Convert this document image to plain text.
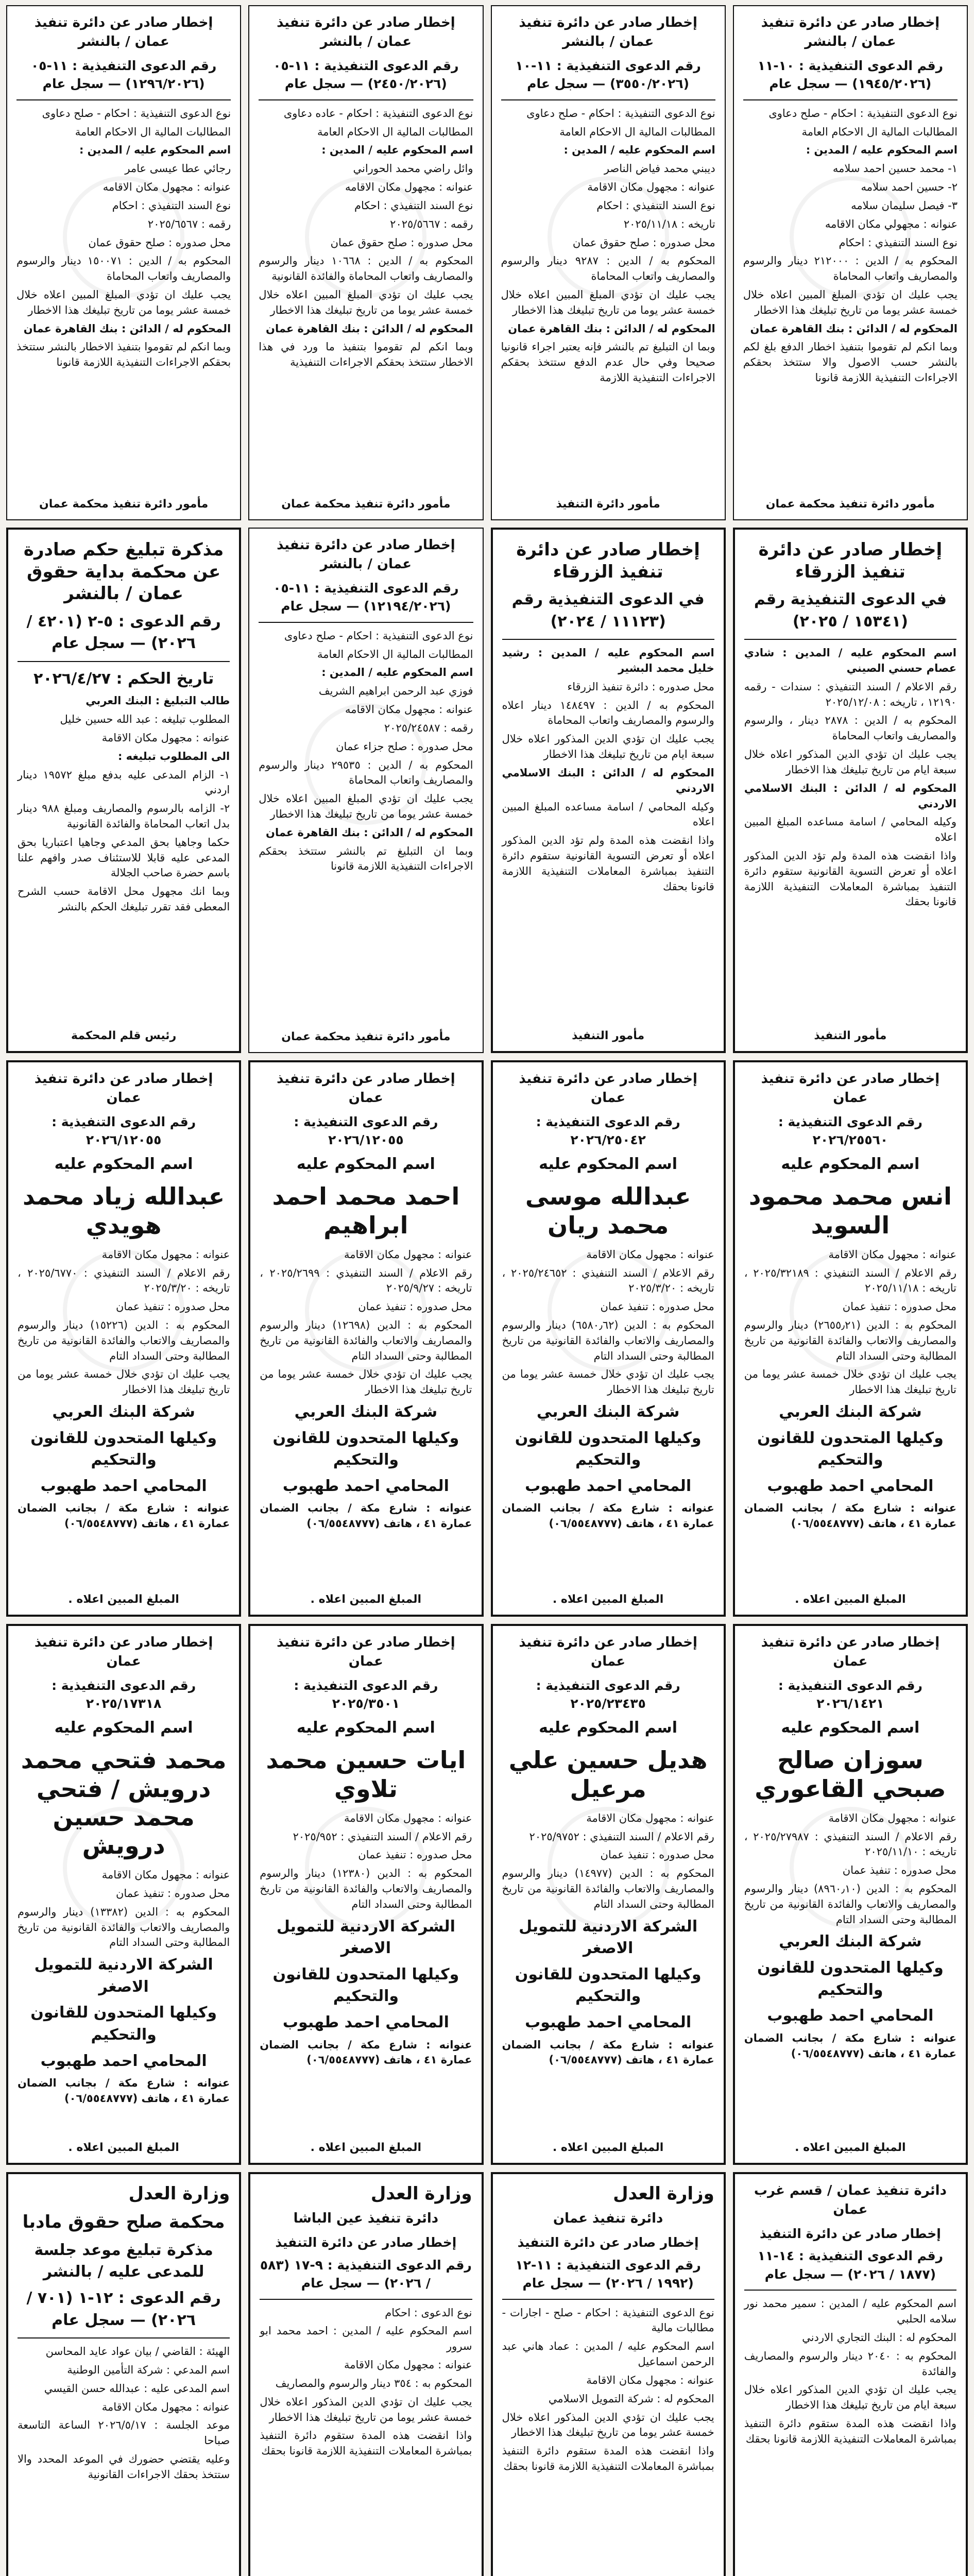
إخطار صادر عن دائرة تنفيذ عمان / بالنشر
رقم الدعوى التنفيذية : ١٠-١١ (١٩٤٥/٢٠٢٦) — سجل عام

نوع الدعوى التنفيذية : احكام - صلح دعاوى

المطالبات المالية ال الاحكام العامة

اسم المحكوم عليه / المدين :

١- محمد حسين احمد سلامه

٢- حسين احمد سلامه

٣- فيصل سليمان سلامه

عنوانه : مجهولي مكان الاقامه

نوع السند التنفيذي : احكام

المحكوم به / الدين : ٢١٢٠٠٠ دينار والرسوم والمصاريف واتعاب المحاماة

يجب عليك ان تؤدي المبلغ المبين اعلاه خلال خمسة عشر يوما من تاريخ تبليغك هذا الاخطار

المحكوم له / الدائن : بنك القاهرة عمان

وبما انكم لم تقوموا بتنفيذ اخطار الدفع بلغ لكم بالنشر حسب الاصول والا ستتخذ بحقكم الاجراءات التنفيذية اللازمة قانونا

مأمور دائرة تنفيذ محكمة عمان
إخطار صادر عن دائرة تنفيذ عمان / بالنشر
رقم الدعوى التنفيذية : ١١-١٠ (٣٥٥٠/٢٠٢٦) — سجل عام

نوع الدعوى التنفيذية : احكام - صلح دعاوى

المطالبات المالية ال الاحكام العامة

اسم المحكوم عليه / المدين :

ديبني محمد فياض الناصر

عنوانه : مجهول مكان الاقامة

نوع السند التنفيذي : احكام

تاريخه : ٢٠٢٥/١١/١٨

محل صدوره : صلح حقوق عمان

المحكوم به / الدين : ٩٢٨٧ دينار والرسوم والمصاريف واتعاب المحاماة

يجب عليك ان تؤدي المبلغ المبين اعلاه خلال خمسة عشر يوما من تاريخ تبليغك هذا الاخطار

المحكوم له / الدائن : بنك القاهرة عمان

وبما ان التبليغ تم بالنشر فإنه يعتبر اجراء قانونيا صحيحا وفي حال عدم الدفع ستتخذ بحقكم الاجراءات التنفيذية اللازمة

مأمور دائرة التنفيذ
إخطار صادر عن دائرة تنفيذ عمان / بالنشر
رقم الدعوى التنفيذية : ١١-٠٥ (٢٤٥٠/٢٠٢٦) — سجل عام

نوع الدعوى التنفيذية : احكام - عاده دعاوى

المطالبات المالية ال الاحكام العامة

اسم المحكوم عليه / المدين :

وائل راضي محمد الحوراني

عنوانه : مجهول مكان الاقامه

نوع السند التنفيذي : احكام

رقمه : ٢٠٢٥/٥٦٦٧

محل صدوره : صلح حقوق عمان

المحكوم به / الدين : ١٠٦٦٨ دينار والرسوم والمصاريف واتعاب المحاماة والفائدة القانونية

يجب عليك ان تؤدي المبلغ المبين اعلاه خلال خمسة عشر يوما من تاريخ تبليغك هذا الاخطار

المحكوم له / الدائن : بنك القاهرة عمان

وبما انكم لم تقوموا بتنفيذ ما ورد في هذا الاخطار ستتخذ بحقكم الاجراءات التنفيذية

مأمور دائرة تنفيذ محكمة عمان
إخطار صادر عن دائرة تنفيذ عمان / بالنشر
رقم الدعوى التنفيذية : ١١-٠٥ (١٢٩٦/٢٠٢٦) — سجل عام

نوع الدعوى التنفيذية : احكام - صلح دعاوى

المطالبات المالية ال الاحكام العامة

اسم المحكوم عليه / المدين :

رجائي عطا عيسى عامر

عنوانه : مجهول مكان الاقامه

نوع السند التنفيذي : احكام

رقمه : ٢٠٢٥/٦٥٦٧

محل صدوره : صلح حقوق عمان

المحكوم به / الدين : ١٥٠٠٧١ دينار والرسوم والمصاريف واتعاب المحاماة

يجب عليك ان تؤدي المبلغ المبين اعلاه خلال خمسة عشر يوما من تاريخ تبليغك هذا الاخطار

المحكوم له / الدائن : بنك القاهرة عمان

وبما انكم لم تقوموا بتنفيذ الاخطار بالنشر ستتخذ بحقكم الاجراءات التنفيذية اللازمة قانونا

مأمور دائرة تنفيذ محكمة عمان
إخطار صادر عن دائرة تنفيذ الزرقاء
في الدعوى التنفيذية رقم (١٥٣٤١ / ٢٠٢٥)

اسم المحكوم عليه / المدين : شادي عصام حسني الصيني

رقم الاعلام / السند التنفيذي : سندات - رقمه ١٢١٩٠ ، تاريخه : ٢٠٢٥/١٢/٠٨

المحكوم به / الدين : ٢٨٧٨ دينار ، والرسوم والمصاريف واتعاب المحاماة

يجب عليك ان تؤدي الدين المذكور اعلاه خلال سبعة ايام من تاريخ تبليغك هذا الاخطار

المحكوم له / الدائن : البنك الاسلامي الاردني

وكيله المحامي / اسامة مساعده المبلغ المبين اعلاه

واذا انقضت هذه المدة ولم تؤد الدين المذكور اعلاه أو تعرض التسوية القانونية ستقوم دائرة التنفيذ بمباشرة المعاملات التنفيذية اللازمة قانونا بحقك

مأمور التنفيذ
إخطار صادر عن دائرة تنفيذ الزرقاء
في الدعوى التنفيذية رقم (١١١٢٣ / ٢٠٢٤)

اسم المحكوم عليه / المدين : رشيد خليل محمد البشير

محل صدوره : دائرة تنفيذ الزرقاء

المحكوم به / الدين : ١٤٨٤٩٧ دينار اعلاه والرسوم والمصاريف واتعاب المحاماة

يجب عليك ان تؤدي الدين المذكور اعلاه خلال سبعة ايام من تاريخ تبليغك هذا الاخطار

المحكوم له / الدائن : البنك الاسلامي الاردني

وكيله المحامي / اسامة مساعده المبلغ المبين اعلاه

واذا انقضت هذه المدة ولم تؤد الدين المذكور اعلاه أو تعرض التسوية القانونية ستقوم دائرة التنفيذ بمباشرة المعاملات التنفيذية اللازمة قانونا بحقك

مأمور التنفيذ
إخطار صادر عن دائرة تنفيذ عمان / بالنشر
رقم الدعوى التنفيذية : ١١-٠٥ (١٢١٩٤/٢٠٢٦) — سجل عام

نوع الدعوى التنفيذية : احكام - صلح دعاوى

المطالبات المالية ال الاحكام العامة

اسم المحكوم عليه / المدين :

فوزي عبد الرحمن ابراهيم الشريف

عنوانه : مجهول مكان الاقامه

رقمه : ٢٠٢٥/٢٤٥٨٧

محل صدوره : صلح جزاء عمان

المحكوم به / الدين : ٢٩٥٣٥ دينار والرسوم والمصاريف واتعاب المحاماة

يجب عليك ان تؤدي المبلغ المبين اعلاه خلال خمسة عشر يوما من تاريخ تبليغك هذا الاخطار

المحكوم له / الدائن : بنك القاهرة عمان

وبما ان التبليغ تم بالنشر ستتخذ بحقكم الاجراءات التنفيذية اللازمة قانونا

مأمور دائرة تنفيذ محكمة عمان
مذكرة تبليغ حكم صادرة عن محكمة بداية حقوق عمان / بالنشر
رقم الدعوى : ٥-٢ (٤٢٠١ / ٢٠٢٦) — سجل عام

تاريخ الحكم : ٢٠٢٦/٤/٢٧

طالب التبليغ : البنك العربي

المطلوب تبليغه : عبد الله حسين خليل

عنوانه : مجهول مكان الاقامة

الى المطلوب تبليغه :

١- الزام المدعى عليه بدفع مبلغ ١٩٥٧٢ دينار اردني

٢- الزامه بالرسوم والمصاريف ومبلغ ٩٨٨ دينار بدل اتعاب المحاماة والفائدة القانونية

حكما وجاهيا بحق المدعي وجاهيا اعتباريا بحق المدعى عليه قابلا للاستئناف صدر وافهم علنا باسم حضرة صاحب الجلالة

وبما انك مجهول محل الاقامة حسب الشرح المعطى فقد تقرر تبليغك الحكم بالنشر

رئيس قلم المحكمة
إخطار صادر عن دائرة تنفيذ عمان
رقم الدعوى التنفيذية : ٢٠٢٦/٢٥٥٦٠
اسم المحكوم عليه
انس محمد محمود السويد

عنوانه : مجهول مكان الاقامة

رقم الاعلام / السند التنفيذي : ٢٠٢٥/٣٢١٨٩ ، تاريخه : ٢٠٢٥/١١/١٨

محل صدوره : تنفيذ عمان

المحكوم به : الدين (٢٦٥٥٫٢١) دينار والرسوم والمصاريف والاتعاب والفائدة القانونية من تاريخ المطالبة وحتى السداد التام

يجب عليك ان تؤدي خلال خمسة عشر يوما من تاريخ تبليغك هذا الاخطار

شركة البنك العربي
وكيلها المتحدون للقانون والتحكيم
المحامي احمد طهبوب

عنوانه : شارع مكة / بجانب الضمان عمارة ٤١ ، هاتف (٠٦/٥٥٤٨٧٧٧)

المبلغ المبين اعلاه .
إخطار صادر عن دائرة تنفيذ عمان
رقم الدعوى التنفيذية : ٢٠٢٦/٢٥٠٤٢
اسم المحكوم عليه
عبدالله موسى محمد ريان

عنوانه : مجهول مكان الاقامة

رقم الاعلام / السند التنفيذي : ٢٠٢٥/٢٤٦٥٢ ، تاريخه : ٢٠٢٥/٣/٢٠

محل صدوره : تنفيذ عمان

المحكوم به : الدين (٦٥٨٠٫٦٢) دينار والرسوم والمصاريف والاتعاب والفائدة القانونية من تاريخ المطالبة وحتى السداد التام

يجب عليك ان تؤدي خلال خمسة عشر يوما من تاريخ تبليغك هذا الاخطار

شركة البنك العربي
وكيلها المتحدون للقانون والتحكيم
المحامي احمد طهبوب

عنوانه : شارع مكة / بجانب الضمان عمارة ٤١ ، هاتف (٠٦/٥٥٤٨٧٧٧)

المبلغ المبين اعلاه .
إخطار صادر عن دائرة تنفيذ عمان
رقم الدعوى التنفيذية : ٢٠٢٦/١٢٠٥٥
اسم المحكوم عليه
احمد محمد احمد ابراهيم

عنوانه : مجهول مكان الاقامة

رقم الاعلام / السند التنفيذي : ٢٠٢٥/٢٦٩٩ ، تاريخه : ٢٠٢٥/٩/٢٧

محل صدوره : تنفيذ عمان

المحكوم به : الدين (١٢٦٩٨) دينار والرسوم والمصاريف والاتعاب والفائدة القانونية من تاريخ المطالبة وحتى السداد التام

يجب عليك ان تؤدي خلال خمسة عشر يوما من تاريخ تبليغك هذا الاخطار

شركة البنك العربي
وكيلها المتحدون للقانون والتحكيم
المحامي احمد طهبوب

عنوانه : شارع مكة / بجانب الضمان عمارة ٤١ ، هاتف (٠٦/٥٥٤٨٧٧٧)

المبلغ المبين اعلاه .
إخطار صادر عن دائرة تنفيذ عمان
رقم الدعوى التنفيذية : ٢٠٢٦/١٢٠٥٥
اسم المحكوم عليه
عبدالله زياد محمد هويدي

عنوانه : مجهول مكان الاقامة

رقم الاعلام / السند التنفيذي : ٢٠٢٥/٦٧٧٠ ، تاريخه : ٢٠٢٥/٣/٢٠

محل صدوره : تنفيذ عمان

المحكوم به : الدين (١٥٢٢٦) دينار والرسوم والمصاريف والاتعاب والفائدة القانونية من تاريخ المطالبة وحتى السداد التام

يجب عليك ان تؤدي خلال خمسة عشر يوما من تاريخ تبليغك هذا الاخطار

شركة البنك العربي
وكيلها المتحدون للقانون والتحكيم
المحامي احمد طهبوب

عنوانه : شارع مكة / بجانب الضمان عمارة ٤١ ، هاتف (٠٦/٥٥٤٨٧٧٧)

المبلغ المبين اعلاه .
إخطار صادر عن دائرة تنفيذ عمان
رقم الدعوى التنفيذية : ٢٠٢٦/١٤٢١
اسم المحكوم عليه
سوزان صالح صبحي القاعوري

عنوانه : مجهول مكان الاقامة

رقم الاعلام / السند التنفيذي : ٢٠٢٥/٢٧٩٨٧ ، تاريخه : ٢٠٢٥/١١/١٠

محل صدوره : تنفيذ عمان

المحكوم به : الدين (٨٩٦٠٫١٠) دينار والرسوم والمصاريف والاتعاب والفائدة القانونية من تاريخ المطالبة وحتى السداد التام

شركة البنك العربي
وكيلها المتحدون للقانون والتحكيم
المحامي احمد طهبوب

عنوانه : شارع مكة / بجانب الضمان عمارة ٤١ ، هاتف (٠٦/٥٥٤٨٧٧٧)

المبلغ المبين اعلاه .
إخطار صادر عن دائرة تنفيذ عمان
رقم الدعوى التنفيذية : ٢٠٢٥/٢٣٤٣٥
اسم المحكوم عليه
هديل حسين علي مرعيل

عنوانه : مجهول مكان الاقامة

رقم الاعلام / السند التنفيذي : ٢٠٢٥/٩٧٥٢

محل صدوره : تنفيذ عمان

المحكوم به : الدين (١٤٩٧٧) دينار والرسوم والمصاريف والاتعاب والفائدة القانونية من تاريخ المطالبة وحتى السداد التام

الشركة الاردنية للتمويل الاصغر
وكيلها المتحدون للقانون والتحكيم
المحامي احمد طهبوب

عنوانه : شارع مكة / بجانب الضمان عمارة ٤١ ، هاتف (٠٦/٥٥٤٨٧٧٧)

المبلغ المبين اعلاه .
إخطار صادر عن دائرة تنفيذ عمان
رقم الدعوى التنفيذية : ٢٠٢٥/٣٥٠١
اسم المحكوم عليه
ايات حسين محمد تلاوي

عنوانه : مجهول مكان الاقامة

رقم الاعلام / السند التنفيذي : ٢٠٢٥/٩٥٢

محل صدوره : تنفيذ عمان

المحكوم به : الدين (١٢٣٨٠) دينار والرسوم والمصاريف والاتعاب والفائدة القانونية من تاريخ المطالبة وحتى السداد التام

الشركة الاردنية للتمويل الاصغر
وكيلها المتحدون للقانون والتحكيم
المحامي احمد طهبوب

عنوانه : شارع مكة / بجانب الضمان عمارة ٤١ ، هاتف (٠٦/٥٥٤٨٧٧٧)

المبلغ المبين اعلاه .
إخطار صادر عن دائرة تنفيذ عمان
رقم الدعوى التنفيذية : ٢٠٢٥/١٧٣١٨
اسم المحكوم عليه
محمد فتحي محمد درويش / فتحي محمد حسين درويش

عنوانه : مجهول مكان الاقامة

محل صدوره : تنفيذ عمان

المحكوم به : الدين (١٣٣٨٢) دينار والرسوم والمصاريف والاتعاب والفائدة القانونية من تاريخ المطالبة وحتى السداد التام

الشركة الاردنية للتمويل الاصغر
وكيلها المتحدون للقانون والتحكيم
المحامي احمد طهبوب

عنوانه : شارع مكة / بجانب الضمان عمارة ٤١ ، هاتف (٠٦/٥٥٤٨٧٧٧)

المبلغ المبين اعلاه .
دائرة تنفيذ عمان / قسم غرب عمان
إخطار صادر عن دائرة التنفيذ
رقم الدعوى التنفيذية : ١٤-١١ (١٨٧٧ / ٢٠٢٦) — سجل عام

اسم المحكوم عليه / المدين : سمير محمد نور سلامه الحلبي

المحكوم له : البنك التجاري الاردني

المحكوم به : ٢٠٤٠ دينار والرسوم والمصاريف والفائدة

يجب عليك ان تؤدي الدين المذكور اعلاه خلال سبعة ايام من تاريخ تبليغك هذا الاخطار

واذا انقضت هذه المدة ستقوم دائرة التنفيذ بمباشرة المعاملات التنفيذية اللازمة قانونا بحقك

وزارة العدل
دائرة تنفيذ عمان
إخطار صادر عن دائرة التنفيذ
رقم الدعوى التنفيذية : ١١-١٢ (١٩٩٢ / ٢٠٢٦) — سجل عام

نوع الدعوى التنفيذية : احكام - صلح - اجارات - مطالبات مالية

اسم المحكوم عليه / المدين : عماد هاني عبد الرحمن اسماعيل

عنوانه : مجهول مكان الاقامة

المحكوم له : شركة التمويل الاسلامي

يجب عليك ان تؤدي الدين المذكور اعلاه خلال خمسة عشر يوما من تاريخ تبليغك هذا الاخطار

واذا انقضت هذه المدة ستقوم دائرة التنفيذ بمباشرة المعاملات التنفيذية اللازمة قانونا بحقك

وزارة العدل
دائرة تنفيذ عين الباشا
إخطار صادر عن دائرة التنفيذ
رقم الدعوى التنفيذية : ٩-١٧ (٥٨٣ / ٢٠٢٦) — سجل عام

نوع الدعوى : احكام

اسم المحكوم عليه / المدين : احمد محمد ابو سرور

عنوانه : مجهول مكان الاقامة

المحكوم به : ٣٥٤ دينار والرسوم والمصاريف

يجب عليك ان تؤدي الدين المذكور اعلاه خلال خمسة عشر يوما من تاريخ تبليغك هذا الاخطار

واذا انقضت هذه المدة ستقوم دائرة التنفيذ بمباشرة المعاملات التنفيذية اللازمة قانونا بحقك

وزارة العدل
محكمة صلح حقوق مادبا
مذكرة تبليغ موعد جلسة للمدعى عليه / بالنشر
رقم الدعوى : ١٢-١ (٧٠١ / ٢٠٢٦) — سجل عام

الهيئة : القاضي / بيان عواد عايد المحاسن

اسم المدعي : شركة التأمين الوطنية

اسم المدعى عليه : عبدالله حسن القيسي

عنوانه : مجهول مكان الاقامة

موعد الجلسة : ٢٠٢٦/٥/١٧ الساعة التاسعة صباحا

وعليه يقتضي حضورك في الموعد المحدد والا ستتخذ بحقك الاجراءات القانونية
